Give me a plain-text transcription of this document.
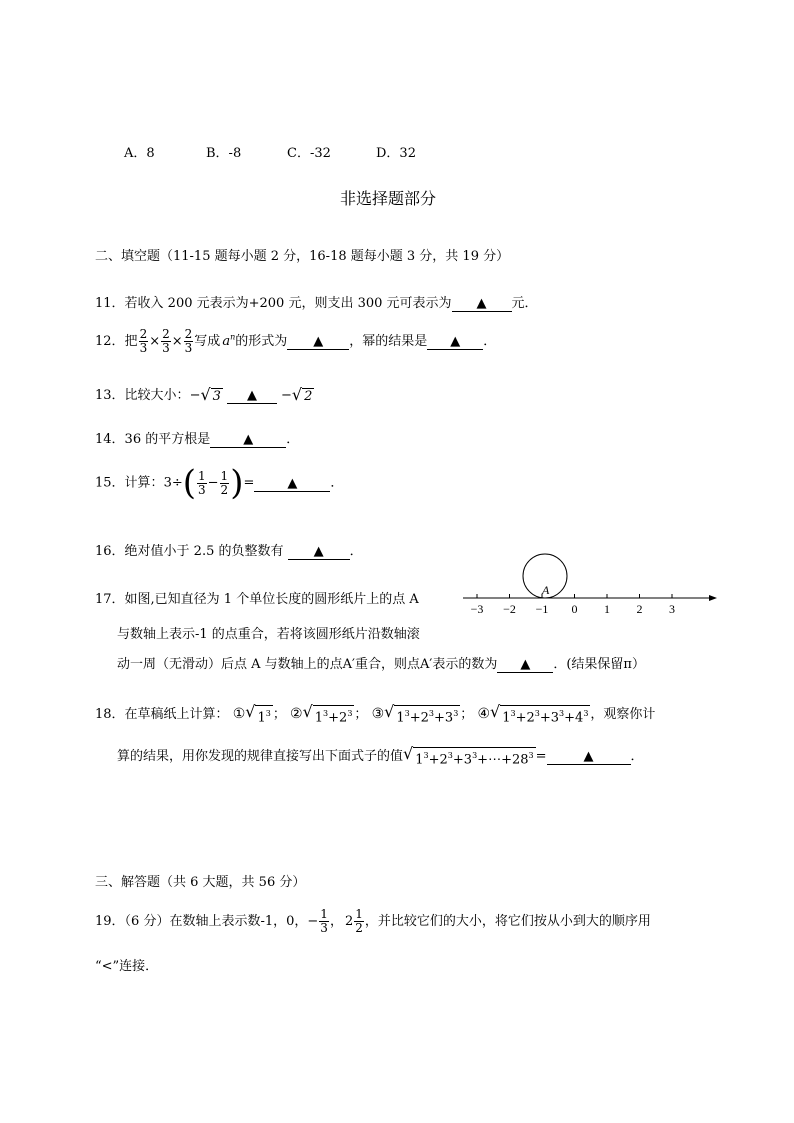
A．8	B．-8	C．-32	D．32
非选择题部分
二、填空题（11-15 题每小题 2 分，16-18 题每小题 3 分，共 19 分）
11．若收入 200 元表示为+200 元，则支出 300 元可表示为 ▲ 元．
12．把 $\frac{2}{3} \times \frac{2}{3} \times \frac{2}{3}$ 写成 $a^n$的形式为 ▲ ，幂的结果是 ▲ ．
13．比较大小：− √ 3 ▲ − √ 2
14．36 的平方根是	▲	．
15．计算：$3\div( \frac{1}{3} - \frac{1}{2}$ )=	▲	．
16．绝对值小于 2.5 的负整数有 ▲ ．
17．如图,已知直径为 1 个单位长度的圆形纸片上的点 A
与数轴上表示-1 的点重合，若将该圆形纸片沿数轴滚
动一周（无滑动）后点 A 与数轴上的点A′重合，则点A′表示的数为 ▲ ．(结果保留π）
A
−3 −2 −1 0 1 2 3
18．在草稿纸上计算： ① √ $1^3$ ； ② √ $1^3+2^3$ ； ③ √ $1^3+2^3+3^3$ ； ④ √ $1^3+2^3+3^3+4^3$ ，观察你计
算的结果，用你发现的规律直接写出下面式子的值 √ $1^3+2^3+3^3+\cdots+28^3$ =	▲	．
三、解答题（共 6 大题，共 56 分）
19．（6 分）在数轴上表示数-1，0，− $\frac{1}{3}$ ， $2 \frac{1}{2}$ ，并比较它们的大小，将它们按从小到大的顺序用
“<”连接．
